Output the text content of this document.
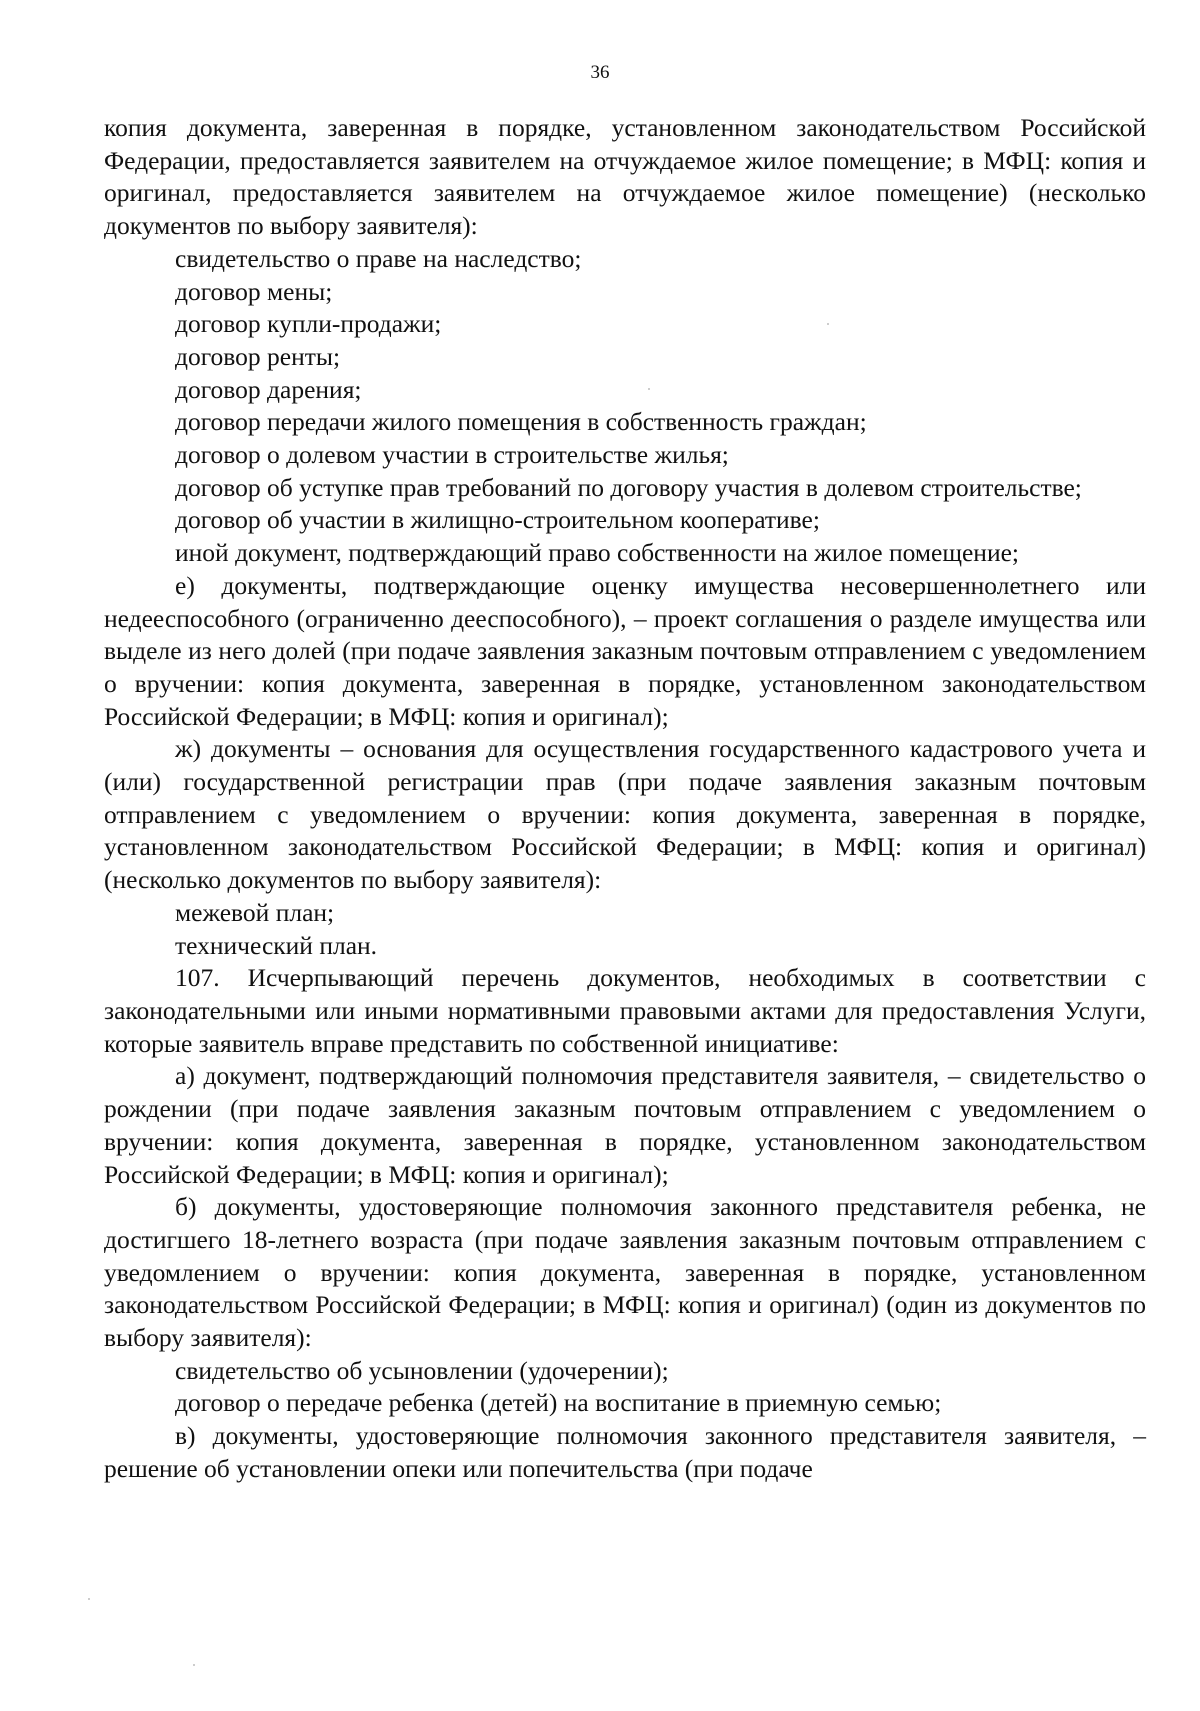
36

копия документа, заверенная в порядке, установленном законодательством Российской Федерации, предоставляется заявителем на отчуждаемое жилое помещение; в МФЦ: копия и оригинал, предоставляется заявителем на отчуждаемое жилое помещение) (несколько документов по выбору заявителя):

свидетельство о праве на наследство;

договор мены;

договор купли-продажи;

договор ренты;

договор дарения;

договор передачи жилого помещения в собственность граждан;

договор о долевом участии в строительстве жилья;

договор об уступке прав требований по договору участия в долевом строительстве;

договор об участии в жилищно-строительном кооперативе;

иной документ, подтверждающий право собственности на жилое помещение;

е) документы, подтверждающие оценку имущества несовершеннолетнего или недееспособного (ограниченно дееспособного), – проект соглашения о разделе имущества или выделе из него долей (при подаче заявления заказным почтовым отправлением с уведомлением о вручении: копия документа, заверенная в порядке, установленном законодательством Российской Федерации; в МФЦ: копия и оригинал);

ж) документы – основания для осуществления государственного кадастрового учета и (или) государственной регистрации прав (при подаче заявления заказным почтовым отправлением с уведомлением о вручении: копия документа, заверенная в порядке, установленном законодательством Российской Федерации; в МФЦ: копия и оригинал) (несколько документов по выбору заявителя):

межевой план;

технический план.

107. Исчерпывающий перечень документов, необходимых в соответствии с законодательными или иными нормативными правовыми актами для предоставления Услуги, которые заявитель вправе представить по собственной инициативе:

а) документ, подтверждающий полномочия представителя заявителя, – свидетельство о рождении (при подаче заявления заказным почтовым отправлением с уведомлением о вручении: копия документа, заверенная в порядке, установленном законодательством Российской Федерации; в МФЦ: копия и оригинал);

б) документы, удостоверяющие полномочия законного представителя ребенка, не достигшего 18-летнего возраста (при подаче заявления заказным почтовым отправлением с уведомлением о вручении: копия документа, заверенная в порядке, установленном законодательством Российской Федерации; в МФЦ: копия и оригинал) (один из документов по выбору заявителя):

свидетельство об усыновлении (удочерении);

договор о передаче ребенка (детей) на воспитание в приемную семью;

в) документы, удостоверяющие полномочия законного представителя заявителя, – решение об установлении опеки или попечительства (при подаче
